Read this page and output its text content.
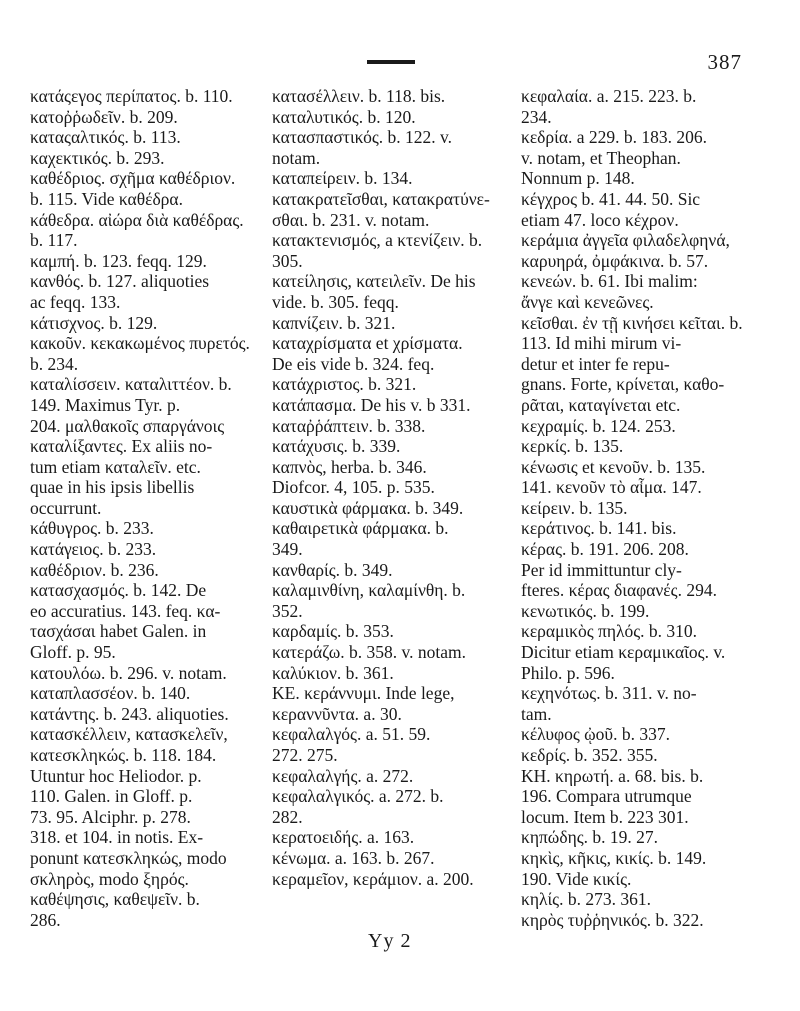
387
κατάςεγος περίπατος. b. 110.
κατοῤῥωδεῖν. b. 209.
καταςαλτικός. b. 113.
καχεκτικός. b. 293.
καθέδριος. σχῆμα καθέδριον.
b. 115. Vide καθέδρα.
κάθεδρα. αἰώρα διὰ καθέδρας.
b. 117.
καμπή. b. 123. feqq. 129.
κανθός. b. 127. aliquoties
ac feqq. 133.
κάτισχνος. b. 129.
κακοῦν. κεκακωμένος πυρετός.
b. 234.
καταλίσσειν. καταλιττέον. b.
149. Maximus Tyr. p.
204. μαλθακοῖς σπαργάνοις
καταλίξαντες. Ex aliis no-
tum etiam καταλεῖν. etc.
quae in his ipsis libellis
occurrunt.
κάθυγρος. b. 233.
κατάγειος. b. 233.
καθέδριον. b. 236.
κατασχασμός. b. 142. De
eo accuratius. 143. feq. κα-
τασχάσαι habet Galen. in
Gloff. p. 95.
κατουλόω. b. 296. v. notam.
καταπλασσέον. b. 140.
κατάντης. b. 243. aliquoties.
κατασκέλλειν, κατασκελεῖν,
κατεσκληκώς. b. 118. 184.
Utuntur hoc Heliodor. p.
110. Galen. in Gloff. p.
73. 95. Alciphr. p. 278.
318. et 104. in notis. Ex-
ponunt κατεσκληκώς, modo
σκληρὸς, modo ξηρός.
καθέψησις, καθεψεῖν. b.
286.
κατασέλλειν. b. 118. bis.
καταλυτικός. b. 120.
κατασπαστικός. b. 122. v.
notam.
καταπείρειν. b. 134.
κατακρατεῖσθαι, κατακρατύνε-
σθαι. b. 231. v. notam.
κατακτενισμός, a κτενίζειν. b.
305.
κατείλησις, κατειλεῖν. De his
vide. b. 305. feqq.
καπνίζειν. b. 321.
καταχρίσματα et χρίσματα.
De eis vide b. 324. feq.
κατάχριστος. b. 321.
κατάπασμα. De his v. b 331.
καταῤῥάπτειν. b. 338.
κατάχυσις. b. 339.
καπνὸς, herba. b. 346.
Diofcor. 4, 105. p. 535.
καυστικὰ φάρμακα. b. 349.
καθαιρετικὰ φάρμακα. b.
349.
κανθαρίς. b. 349.
καλαμινθίνη, καλαμίνθη. b.
352.
καρδαμίς. b. 353.
κατεράζω. b. 358. v. notam.
καλύκιον. b. 361.
ΚΕ. κεράννυμι. Inde lege,
κεραννῦντα. a. 30.
κεφαλαλγός. a. 51. 59.
272. 275.
κεφαλαλγής. a. 272.
κεφαλαλγικός. a. 272. b.
282.
κερατοειδής. a. 163.
κένωμα. a. 163. b. 267.
κεραμεῖον, κεράμιον. a. 200.
κεφαλαία. a. 215. 223. b.
234.
κεδρία. a 229. b. 183. 206.
v. notam, et Theophan.
Nonnum p. 148.
κέγχρος b. 41. 44. 50. Sic
etiam 47. loco κέχρον.
κεράμια ἀγγεῖα φιλαδελφηνά,
καρυηρά, ὀμφάκινα. b. 57.
κενεών. b. 61. Ibi malim:
ἄνγε καὶ κενεῶνες.
κεῖσθαι. ἐν τῇ κινήσει κεῖται. b.
113. Id mihi mirum vi-
detur et inter fe repu-
gnans. Forte, κρίνεται, καθο-
ρᾶται, καταγίνεται etc.
κεχραμίς. b. 124. 253.
κερκίς. b. 135.
κένωσις et κενοῦν. b. 135.
141. κενοῦν τὸ αἷμα. 147.
κείρειν. b. 135.
κεράτινος. b. 141. bis.
κέρας. b. 191. 206. 208.
Per id immittuntur cly-
fteres. κέρας διαφανές. 294.
κενωτικός. b. 199.
κεραμικὸς πηλός. b. 310.
Dicitur etiam κεραμικαῖος. v.
Philo. p. 596.
κεχηνότως. b. 311. v. no-
tam.
κέλυφος ᾠοῦ. b. 337.
κεδρίς. b. 352. 355.
ΚΗ. κηρωτή. a. 68. bis. b.
196. Compara utrumque
locum. Item b. 223 301.
κηπώδης. b. 19. 27.
κηκὶς, κῆκις, κικίς. b. 149.
190. Vide κικίς.
κηλίς. b. 273. 361.
κηρὸς τυῤῥηνικός. b. 322.
Yy 2
